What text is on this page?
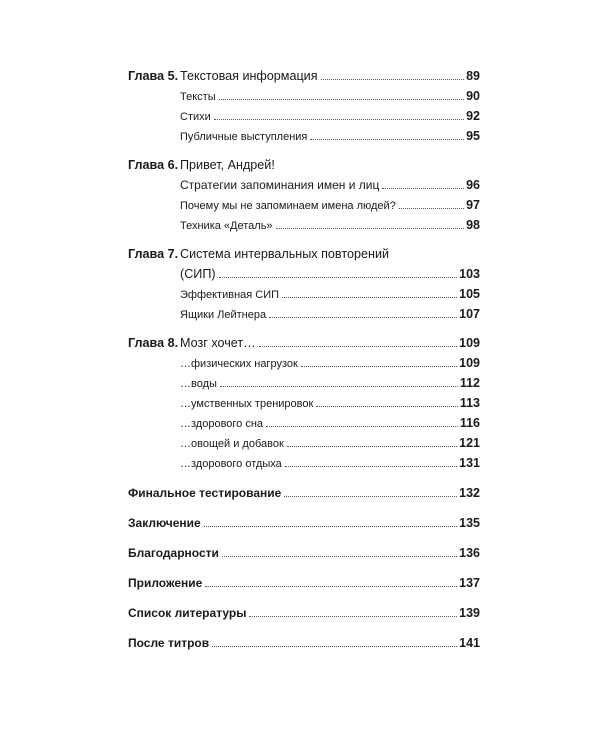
Глава 5. Текстовая информация	89
Тексты	90
Стихи	92
Публичные выступления	95
Глава 6. Привет, Андрей!
Стратегии запоминания имен и лиц	96
Почему мы не запоминаем имена людей?	97
Техника «Деталь»	98
Глава 7. Система интервальных повторений
(СИП)	103
Эффективная СИП	105
Ящики Лейтнера	107
Глава 8. Мозг хочет…	109
…физических нагрузок	109
…воды	112
…умственных тренировок	113
…здорового сна	116
…овощей и добавок	121
…здорового отдыха	131
Финальное тестирование	132
Заключение	135
Благодарности	136
Приложение	137
Список литературы	139
После титров	141
